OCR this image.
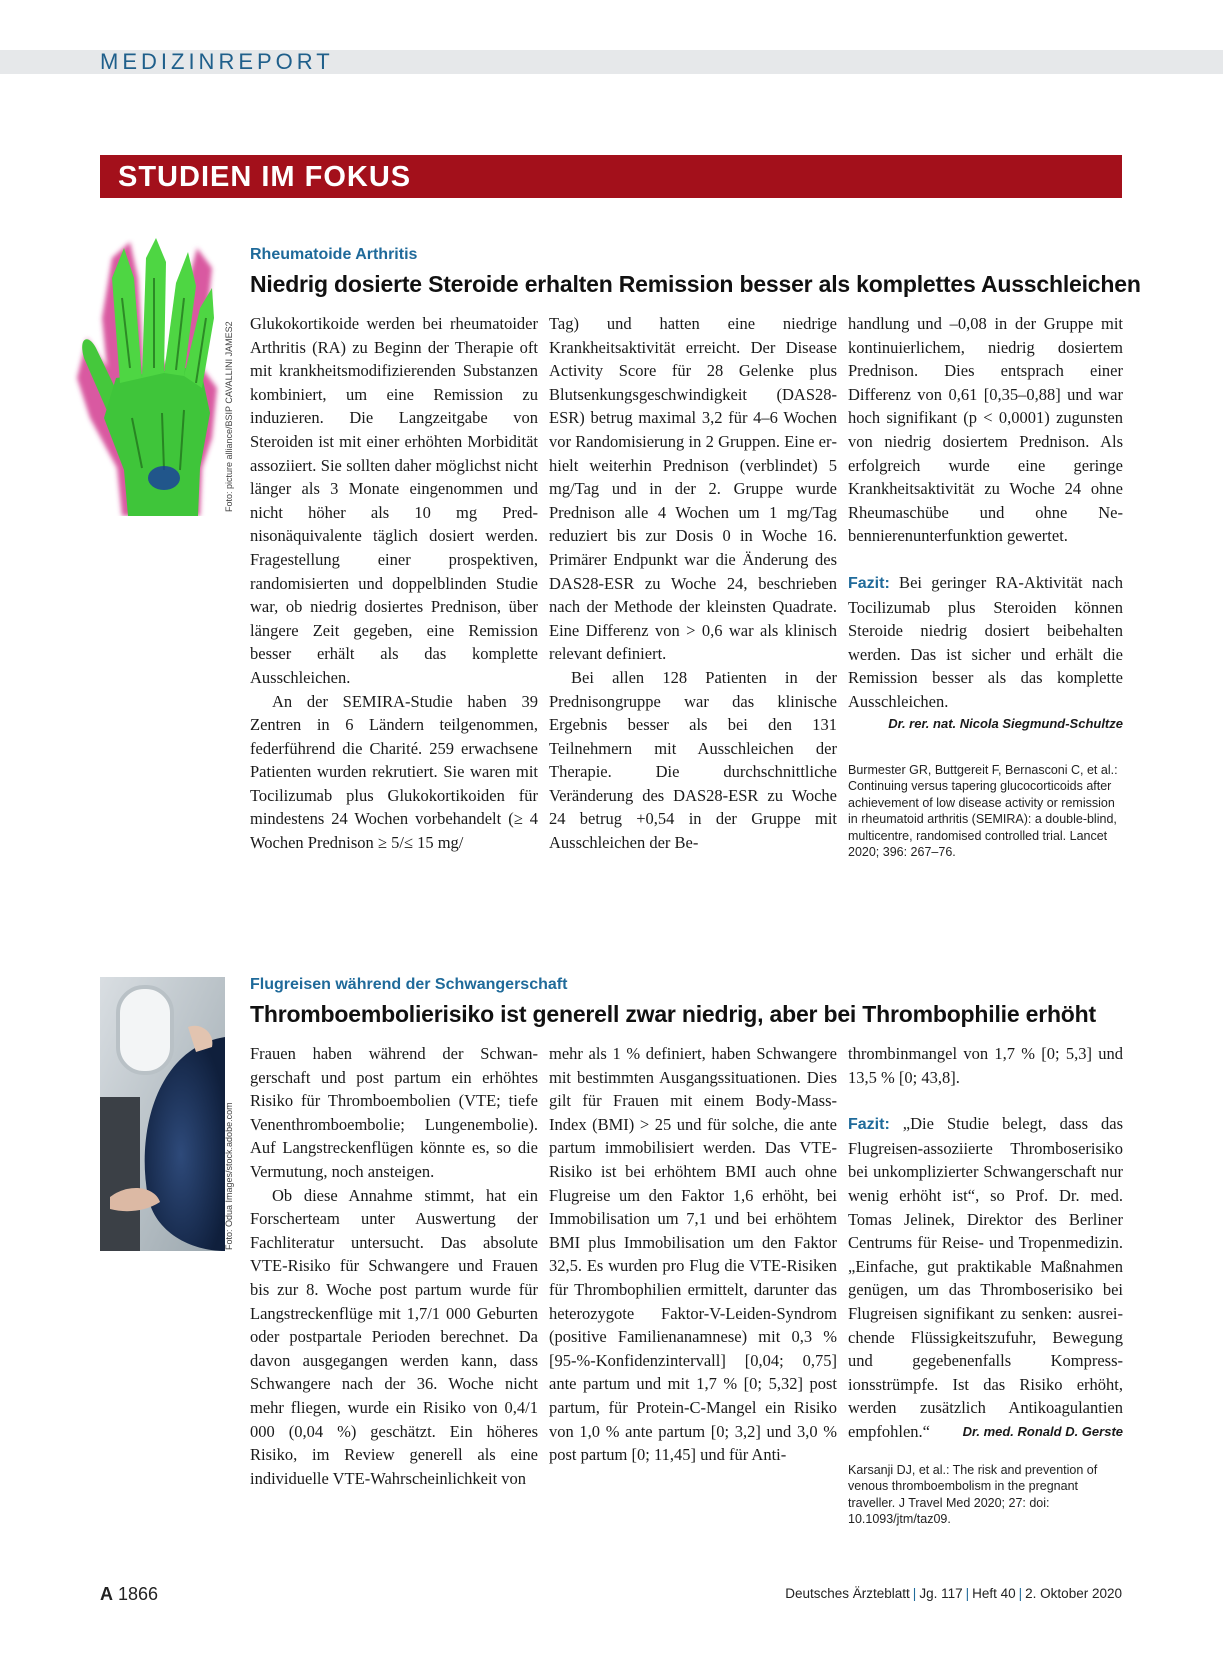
MEDIZINREPORT
STUDIEN IM FOKUS
Foto: picture alliance/BSIP CAVALLINI JAMES2
Rheumatoide Arthritis
Niedrig dosierte Steroide erhalten Remission besser als komplettes Ausschleichen

Glukokortikoide werden bei rheumatoider Arthritis (RA) zu Beginn der Therapie oft mit krankheitsmodifizierenden Substanzen kombiniert, um eine Remission zu induzieren. Die Langzeitgabe von Steroiden ist mit einer erhöhten Morbidität assoziiert. Sie sollten daher möglichst nicht länger als 3 Monate eingenommen und nicht höher als 10 mg Prednisonäquivalente täglich dosiert werden. Fragestellung einer prospektiven, randomisierten und doppelblinden Studie war, ob niedrig dosiertes Prednison, über längere Zeit gegeben, eine Remission besser erhält als das komplette Ausschleichen.

An der SEMIRA-Studie haben 39 Zentren in 6 Ländern teilgenommen, federführend die Charité. 259 erwachsene Patienten wurden rekrutiert. Sie waren mit Tocilizumab plus Glukokortikoiden für mindestens 24 Wochen vorbehandelt (≥ 4 Wochen Prednison ≥ 5/≤ 15 mg/

Tag) und hatten eine niedrige Krankheitsaktivität erreicht. Der Disease Activity Score für 28 Gelenke plus Blutsenkungsgeschwindigkeit (DAS28-ESR) betrug maximal 3,2 für 4–6 Wochen vor Randomisierung in 2 Gruppen. Eine erhielt weiterhin Prednison (verblindet) 5 mg/Tag und in der 2. Gruppe wurde Prednison alle 4 Wochen um 1 mg/Tag reduziert bis zur Dosis 0 in Woche 16. Primärer Endpunkt war die Änderung des DAS28-ESR zu Woche 24, beschrieben nach der Methode der kleinsten Quadrate. Eine Differenz von > 0,6 war als klinisch relevant definiert.

Bei allen 128 Patienten in der Prednisongruppe war das klinische Ergebnis besser als bei den 131 Teilnehmern mit Ausschleichen der Therapie. Die durchschnittliche Veränderung des DAS28-ESR zu Woche 24 betrug +0,54 in der Gruppe mit Ausschleichen der Be-

handlung und –0,08 in der Gruppe mit kontinuierlichem, niedrig dosiertem Prednison. Dies entsprach einer Differenz von 0,61 [0,35–0,88] und war hoch signifikant (p < 0,0001) zugunsten von niedrig dosiertem Prednison. Als erfolgreich wurde eine geringe Krankheitsaktivität zu Woche 24 ohne Rheumaschübe und ohne Nebennierenunterfunktion gewertet.

Fazit: Bei geringer RA-Aktivität nach Tocilizumab plus Steroiden können Steroide niedrig dosiert beibehalten werden. Das ist sicher und erhält die Remission besser als das komplette Ausschleichen.

Dr. rer. nat. Nicola Siegmund-Schultze
Burmester GR, Buttgereit F, Bernasconi C, et al.: Continuing versus tapering glucocorticoids after achievement of low disease activity or remission in rheumatoid arthritis (SEMIRA): a double-blind, multicentre, randomised controlled trial. Lancet 2020; 396: 267–76.
Foto: Odua Images/stock.adobe.com
Flugreisen während der Schwangerschaft
Thromboembolierisiko ist generell zwar niedrig, aber bei Thrombophilie erhöht

Frauen haben während der Schwangerschaft und post partum ein erhöhtes Risiko für Thromboembolien (VTE; tiefe Venenthromboembolie; Lungenembolie). Auf Langstreckenflügen könnte es, so die Vermutung, noch ansteigen.

Ob diese Annahme stimmt, hat ein Forscherteam unter Auswertung der Fachliteratur untersucht. Das absolute VTE-Risiko für Schwangere und Frauen bis zur 8. Woche post partum wurde für Langstreckenflüge mit 1,7/1 000 Geburten oder postpartale Perioden berechnet. Da davon ausgegangen werden kann, dass Schwangere nach der 36. Woche nicht mehr fliegen, wurde ein Risiko von 0,4/1 000 (0,04 %) geschätzt. Ein höheres Risiko, im Review generell als eine individuelle VTE-Wahrscheinlichkeit von

mehr als 1 % definiert, haben Schwangere mit bestimmten Ausgangssituationen. Dies gilt für Frauen mit einem Body-Mass-Index (BMI) > 25 und für solche, die ante partum immobilisiert werden. Das VTE-Risiko ist bei erhöhtem BMI auch ohne Flugreise um den Faktor 1,6 erhöht, bei Immobilisation um 7,1 und bei erhöhtem BMI plus Immobilisation um den Faktor 32,5. Es wurden pro Flug die VTE-Risiken für Thrombophilien ermittelt, darunter das heterozygote Faktor-V-Leiden-Syndrom (positive Familienanamnese) mit 0,3 % [95-%-Konfidenzintervall] [0,04; 0,75] ante partum und mit 1,7 % [0; 5,32] post partum, für Protein-C-Mangel ein Risiko von 1,0 % ante partum [0; 3,2] und 3,0 % post partum [0; 11,45] und für Anti-

thrombinmangel von 1,7 % [0; 5,3] und 13,5 % [0; 43,8].

Fazit: „Die Studie belegt, dass das Flugreisen-assoziierte Thromboserisiko bei unkomplizierter Schwangerschaft nur wenig erhöht ist“, so Prof. Dr. med. Tomas Jelinek, Direktor des Berliner Centrums für Reise- und Tropenmedizin. „Einfache, gut praktikable Maßnahmen genügen, um das Thromboserisiko bei Flugreisen signifikant zu senken: ausreichende Flüssigkeitszufuhr, Bewegung und gegebenenfalls Kompressionsstrümpfe. Ist das Risiko erhöht, werden zusätzlich Antikoagulantien empfohlen.“	Dr. med. Ronald D. Gerste

Karsanji DJ, et al.: The risk and prevention of venous thromboembolism in the pregnant traveller. J Travel Med 2020; 27: doi: 10.1093/jtm/taz09.
A 1866	Deutsches Ärzteblatt | Jg. 117 | Heft 40 | 2. Oktober 2020
